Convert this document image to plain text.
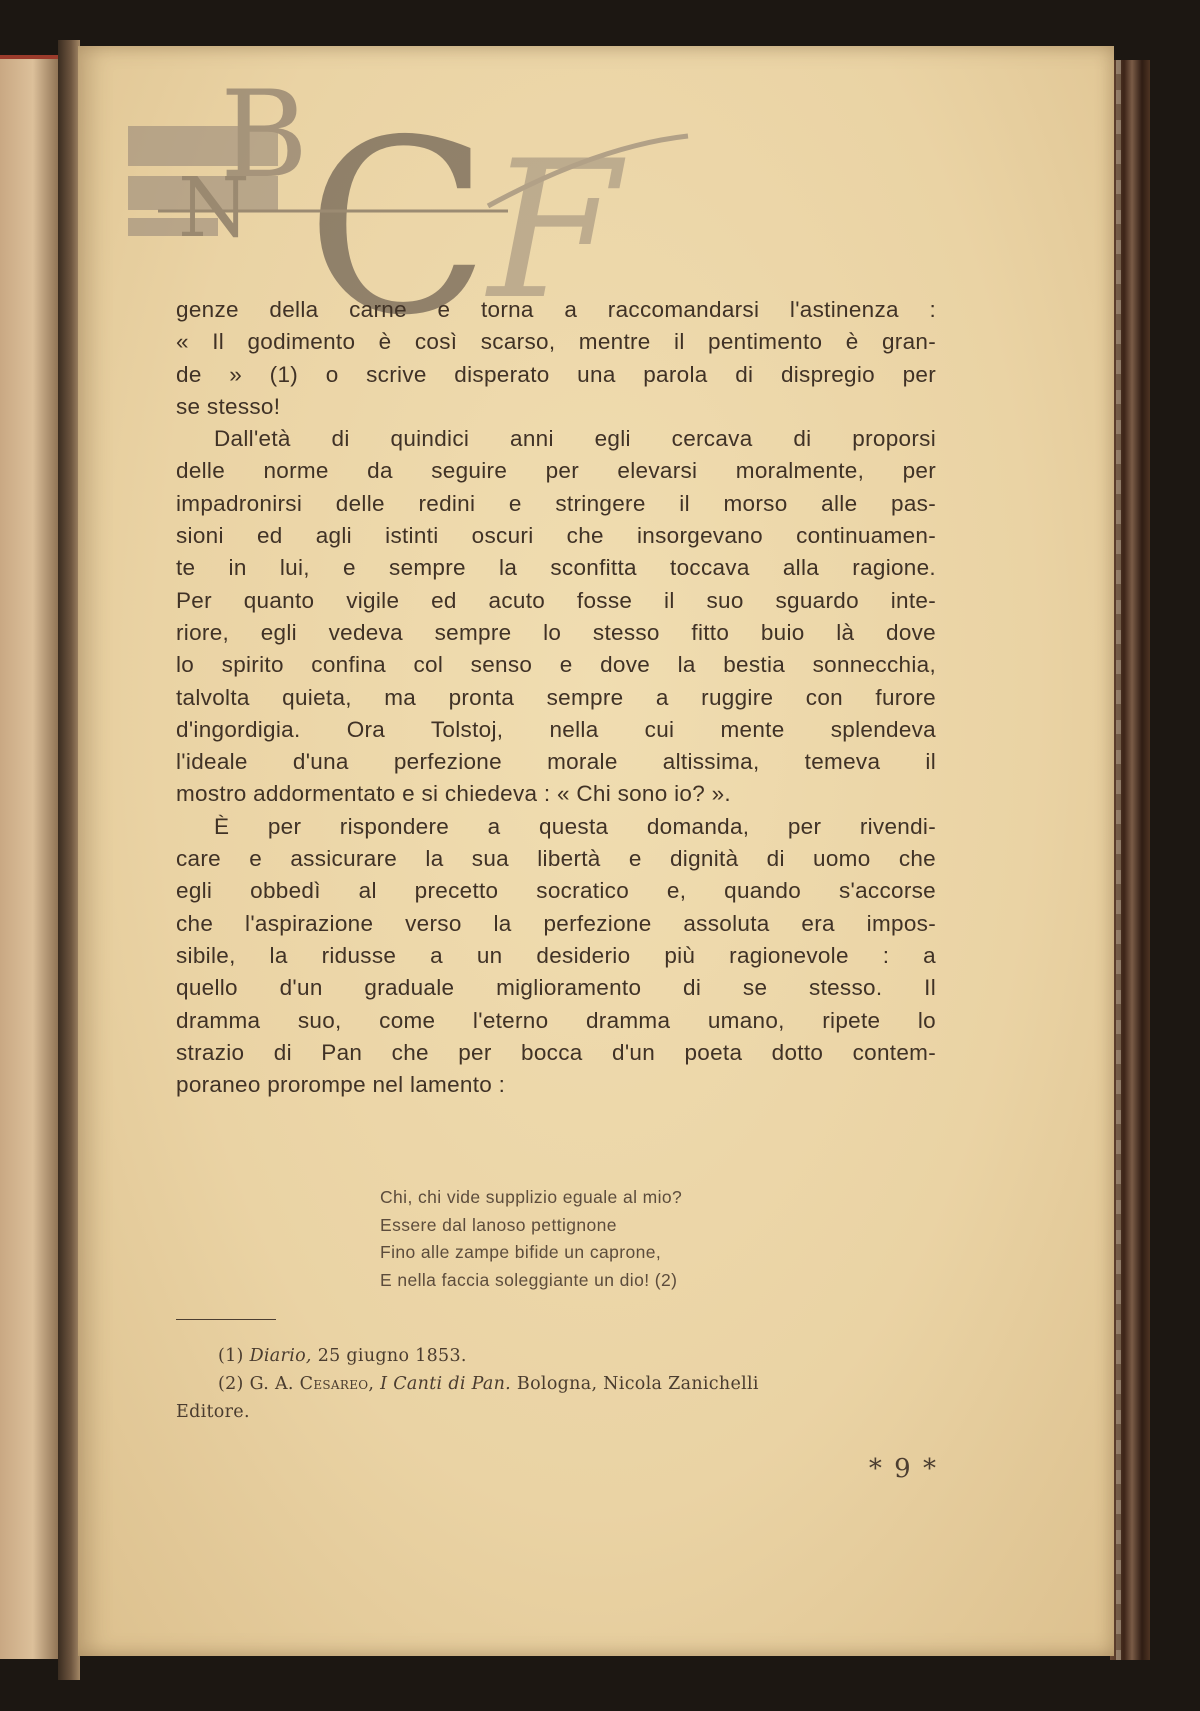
B
N C
F
genze della carne e torna a raccomandarsi l'astinenza :
« Il godimento è così scarso, mentre il pentimento è gran-
de » (1) o scrive disperato una parola di dispregio per
se stesso!
Dall'età di quindici anni egli cercava di proporsi
delle norme da seguire per elevarsi moralmente, per
impadronirsi delle redini e stringere il morso alle pas-
sioni ed agli istinti oscuri che insorgevano continuamen-
te in lui, e sempre la sconfitta toccava alla ragione.
Per quanto vigile ed acuto fosse il suo sguardo inte-
riore, egli vedeva sempre lo stesso fitto buio là dove
lo spirito confina col senso e dove la bestia sonnecchia,
talvolta quieta, ma pronta sempre a ruggire con furore
d'ingordigia. Ora Tolstoj, nella cui mente splendeva
l'ideale d'una perfezione morale altissima, temeva il
mostro addormentato e si chiedeva : « Chi sono io? ».
È per rispondere a questa domanda, per rivendi-
care e assicurare la sua libertà e dignità di uomo che
egli obbedì al precetto socratico e, quando s'accorse
che l'aspirazione verso la perfezione assoluta era impos-
sibile, la ridusse a un desiderio più ragionevole : a
quello d'un graduale miglioramento di se stesso. Il
dramma suo, come l'eterno dramma umano, ripete lo
strazio di Pan che per bocca d'un poeta dotto contem-
poraneo prorompe nel lamento :
Chi, chi vide supplizio eguale al mio?
Essere dal lanoso pettignone
Fino alle zampe bifide un caprone,
E nella faccia soleggiante un dio! (2)
(1) Diario, 25 giugno 1853.
(2) G. A. Cesareo, I Canti di Pan. Bologna, Nicola Zanichelli
Editore.
* 9 *
